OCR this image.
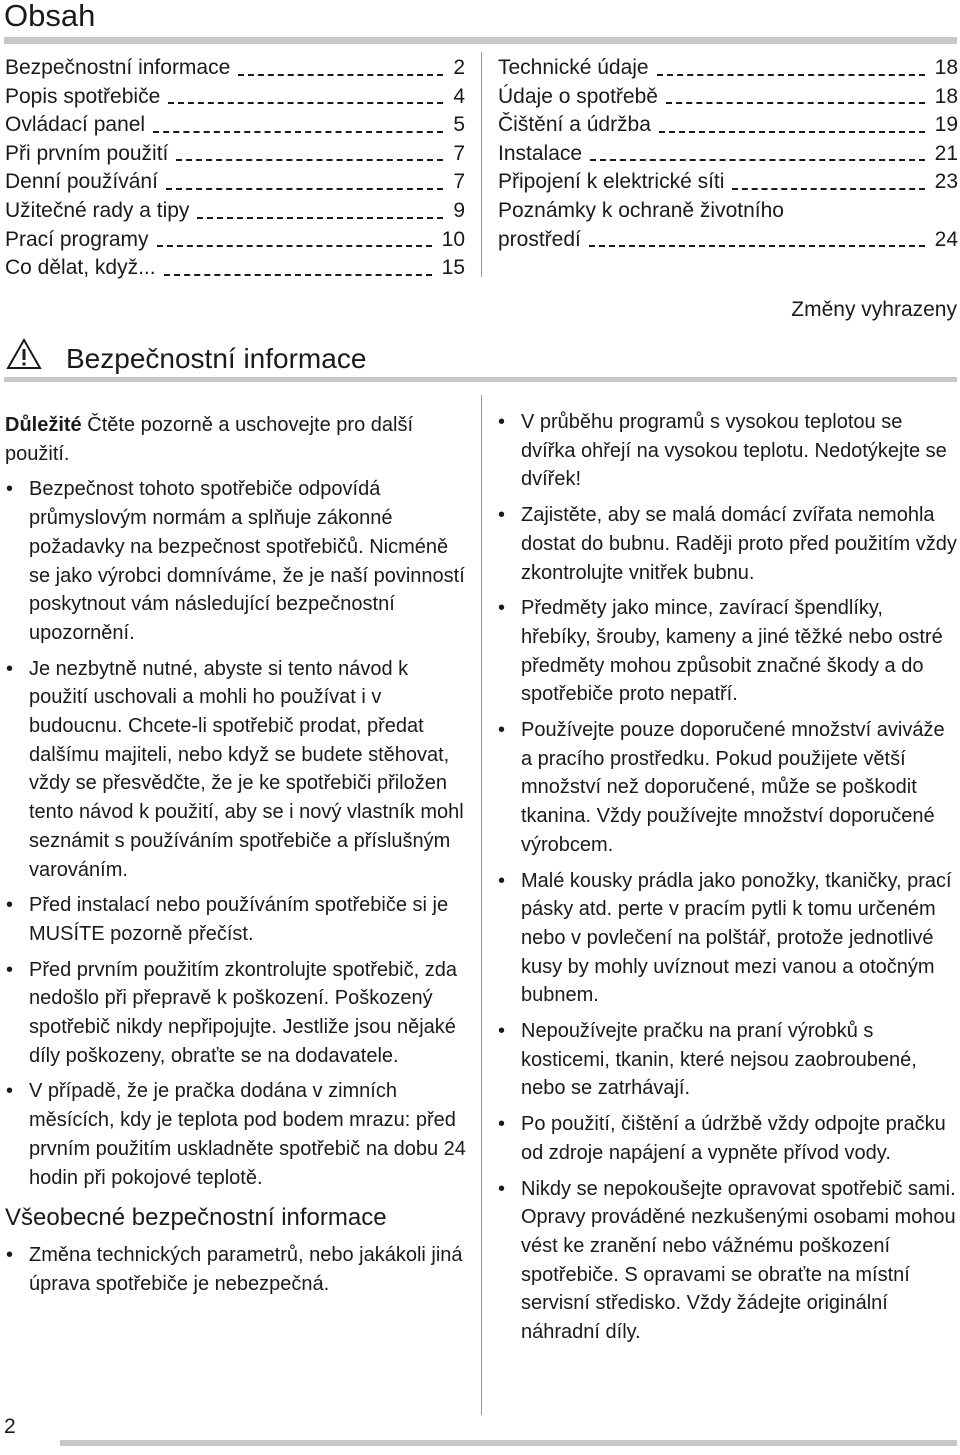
Obsah
Bezpečnostní informace	2
Popis spotřebiče	4
Ovládací panel	5
Při prvním použití	7
Denní používání	7
Užitečné rady a tipy	9
Prací programy	10
Co dělat, když...	15
Technické údaje	18
Údaje o spotřebě	18
Čištění a údržba	19
Instalace	21
Připojení k elektrické síti	23
Poznámky k ochraně životního
prostředí	24
Změny vyhrazeny
Bezpečnostní informace
Důležité Čtěte pozorně a uschovejte pro další použití.
• Bezpečnost tohoto spotřebiče odpovídá průmyslovým normám a splňuje zákonné požadavky na bezpečnost spotřebičů. Nicméně se jako výrobci domníváme, že je naší povinností poskytnout vám následující bezpečnostní upozornění.
• Je nezbytně nutné, abyste si tento návod k použití uschovali a mohli ho používat i v budoucnu. Chcete-li spotřebič prodat, předat dalšímu majiteli, nebo když se budete stěhovat, vždy se přesvědčte, že je ke spotřebiči přiložen tento návod k použití, aby se i nový vlastník mohl seznámit s používáním spotřebiče a příslušným varováním.
• Před instalací nebo používáním spotřebiče si je MUSÍTE pozorně přečíst.
• Před prvním použitím zkontrolujte spotřebič, zda nedošlo při přepravě k poškození. Poškozený spotřebič nikdy nepřipojujte. Jestliže jsou nějaké díly poškozeny, obraťte se na dodavatele.
• V případě, že je pračka dodána v zimních měsících, kdy je teplota pod bodem mrazu: před prvním použitím uskladněte spotřebič na dobu 24 hodin při pokojové teplotě.
Všeobecné bezpečnostní informace
• Změna technických parametrů, nebo jakákoli jiná úprava spotřebiče je nebezpečná.
• V průběhu programů s vysokou teplotou se dvířka ohřejí na vysokou teplotu. Nedotýkejte se dvířek!
• Zajistěte, aby se malá domácí zvířata nemohla dostat do bubnu. Raději proto před použitím vždy zkontrolujte vnitřek bubnu.
• Předměty jako mince, zavírací špendlíky, hřebíky, šrouby, kameny a jiné těžké nebo ostré předměty mohou způsobit značné škody a do spotřebiče proto nepatří.
• Používejte pouze doporučené množství aviváže a pracího prostředku. Pokud použijete větší množství než doporučené, může se poškodit tkanina. Vždy používejte množství doporučené výrobcem.
• Malé kousky prádla jako ponožky, tkaničky, prací pásky atd. perte v pracím pytli k tomu určeném nebo v povlečení na polštář, protože jednotlivé kusy by mohly uvíznout mezi vanou a otočným bubnem.
• Nepoužívejte pračku na praní výrobků s kosticemi, tkanin, které nejsou zaobroubené, nebo se zatrhávají.
• Po použití, čištění a údržbě vždy odpojte pračku od zdroje napájení a vypněte přívod vody.
• Nikdy se nepokoušejte opravovat spotřebič sami. Opravy prováděné nezkušenými osobami mohou vést ke zranění nebo vážnému poškození spotřebiče. S opravami se obraťte na místní servisní středisko. Vždy žádejte originální náhradní díly.
2
